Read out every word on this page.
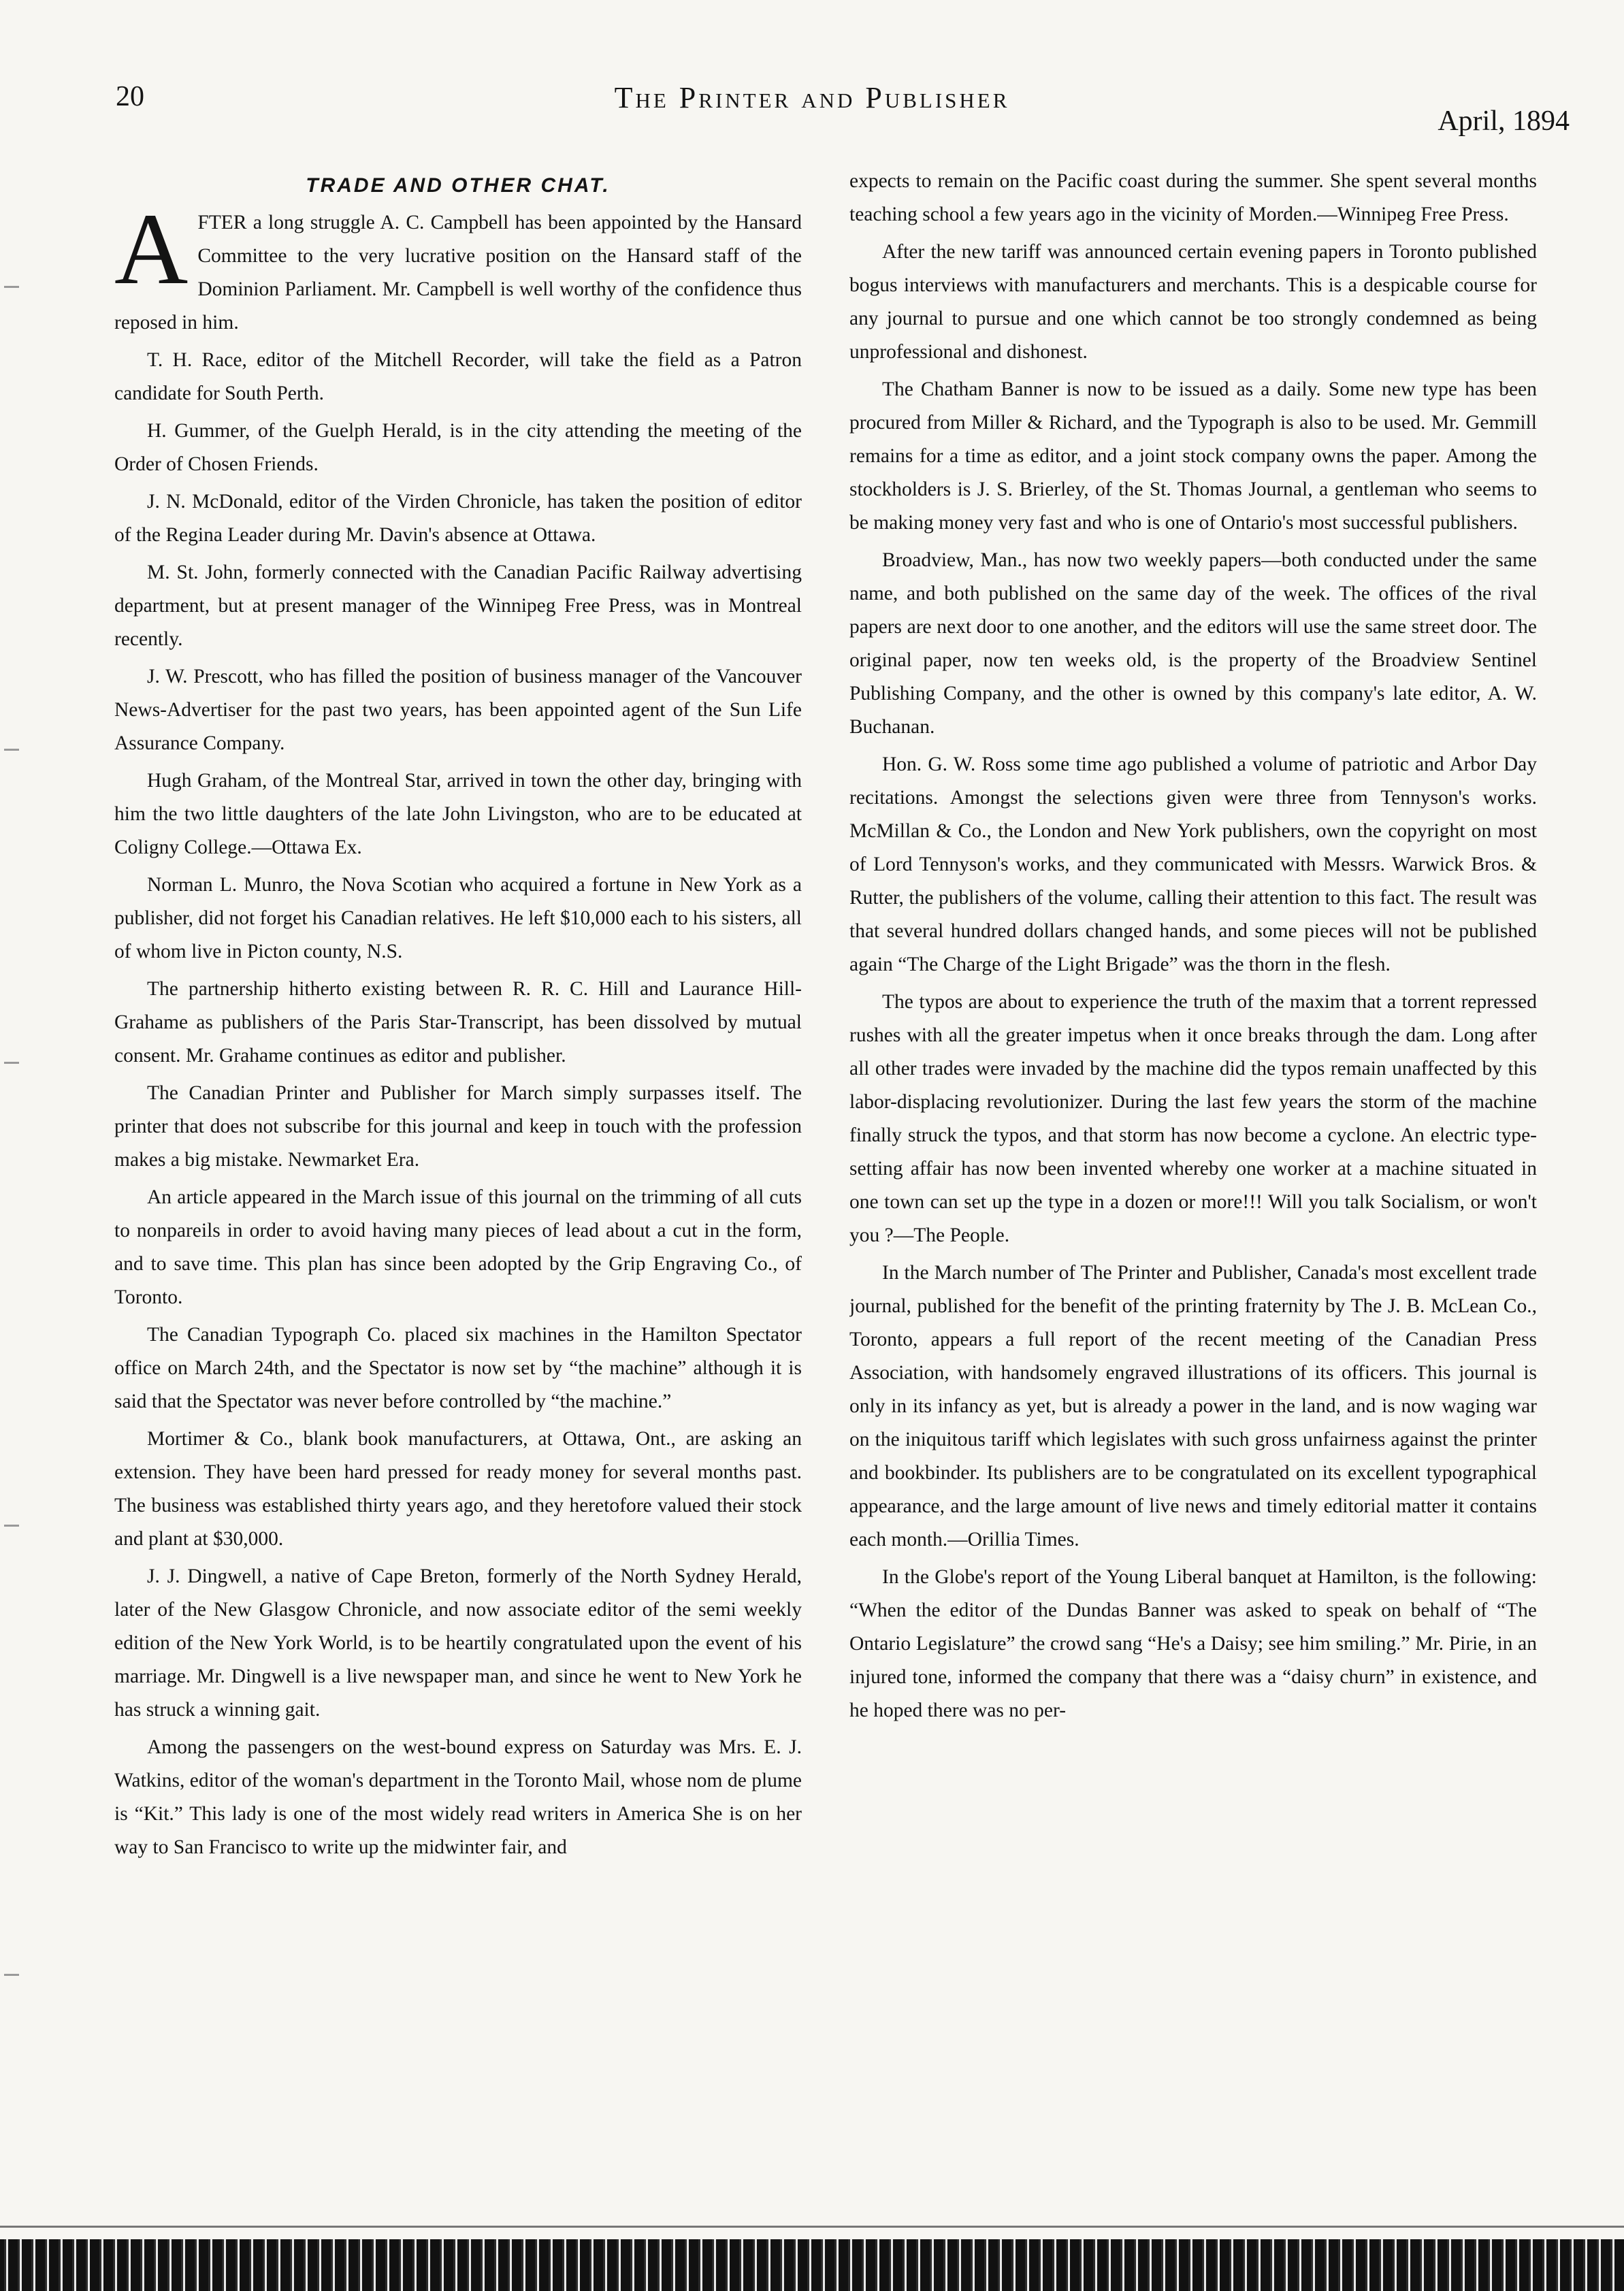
20	The Printer and Publisher
April, 1894
TRADE AND OTHER CHAT.

AFTER a long struggle A. C. Campbell has been appointed by the Hansard Committee to the very lucrative position on the Hansard staff of the Dominion Parliament. Mr. Campbell is well worthy of the confidence thus reposed in him.

T. H. Race, editor of the Mitchell Recorder, will take the field as a Patron candidate for South Perth.

H. Gummer, of the Guelph Herald, is in the city attending the meeting of the Order of Chosen Friends.

J. N. McDonald, editor of the Virden Chronicle, has taken the position of editor of the Regina Leader during Mr. Davin's absence at Ottawa.

M. St. John, formerly connected with the Canadian Pacific Railway advertising department, but at present manager of the Winnipeg Free Press, was in Montreal recently.

J. W. Prescott, who has filled the position of business manager of the Vancouver News-Advertiser for the past two years, has been appointed agent of the Sun Life Assurance Company.

Hugh Graham, of the Montreal Star, arrived in town the other day, bringing with him the two little daughters of the late John Livingston, who are to be educated at Coligny College.—Ottawa Ex.

Norman L. Munro, the Nova Scotian who acquired a fortune in New York as a publisher, did not forget his Canadian relatives. He left $10,000 each to his sisters, all of whom live in Picton county, N.S.

The partnership hitherto existing between R. R. C. Hill and Laurance Hill-Grahame as publishers of the Paris Star-Transcript, has been dissolved by mutual consent. Mr. Grahame continues as editor and publisher.

The Canadian Printer and Publisher for March simply surpasses itself. The printer that does not subscribe for this journal and keep in touch with the profession makes a big mistake. Newmarket Era.

An article appeared in the March issue of this journal on the trimming of all cuts to nonpareils in order to avoid having many pieces of lead about a cut in the form, and to save time. This plan has since been adopted by the Grip Engraving Co., of Toronto.

The Canadian Typograph Co. placed six machines in the Hamilton Spectator office on March 24th, and the Spectator is now set by “the machine” although it is said that the Spectator was never before controlled by “the machine.”

Mortimer & Co., blank book manufacturers, at Ottawa, Ont., are asking an extension. They have been hard pressed for ready money for several months past. The business was established thirty years ago, and they heretofore valued their stock and plant at $30,000.

J. J. Dingwell, a native of Cape Breton, formerly of the North Sydney Herald, later of the New Glasgow Chronicle, and now associate editor of the semi weekly edition of the New York World, is to be heartily congratulated upon the event of his marriage. Mr. Dingwell is a live newspaper man, and since he went to New York he has struck a winning gait.

Among the passengers on the west-bound express on Saturday was Mrs. E. J. Watkins, editor of the woman's department in the Toronto Mail, whose nom de plume is “Kit.” This lady is one of the most widely read writers in America She is on her way to San Francisco to write up the midwinter fair, and

expects to remain on the Pacific coast during the summer. She spent several months teaching school a few years ago in the vicinity of Morden.—Winnipeg Free Press.

After the new tariff was announced certain evening papers in Toronto published bogus interviews with manufacturers and merchants. This is a despicable course for any journal to pursue and one which cannot be too strongly condemned as being unprofessional and dishonest.

The Chatham Banner is now to be issued as a daily. Some new type has been procured from Miller & Richard, and the Typograph is also to be used. Mr. Gemmill remains for a time as editor, and a joint stock company owns the paper. Among the stockholders is J. S. Brierley, of the St. Thomas Journal, a gentleman who seems to be making money very fast and who is one of Ontario's most successful publishers.

Broadview, Man., has now two weekly papers—both conducted under the same name, and both published on the same day of the week. The offices of the rival papers are next door to one another, and the editors will use the same street door. The original paper, now ten weeks old, is the property of the Broadview Sentinel Publishing Company, and the other is owned by this company's late editor, A. W. Buchanan.

Hon. G. W. Ross some time ago published a volume of patriotic and Arbor Day recitations. Amongst the selections given were three from Tennyson's works. McMillan & Co., the London and New York publishers, own the copyright on most of Lord Tennyson's works, and they communicated with Messrs. Warwick Bros. & Rutter, the publishers of the volume, calling their attention to this fact. The result was that several hundred dollars changed hands, and some pieces will not be published again “The Charge of the Light Brigade” was the thorn in the flesh.

The typos are about to experience the truth of the maxim that a torrent repressed rushes with all the greater impetus when it once breaks through the dam. Long after all other trades were invaded by the machine did the typos remain unaffected by this labor-displacing revolutionizer. During the last few years the storm of the machine finally struck the typos, and that storm has now become a cyclone. An electric type-setting affair has now been invented whereby one worker at a machine situated in one town can set up the type in a dozen or more!!! Will you talk Socialism, or won't you ?—The People.

In the March number of The Printer and Publisher, Canada's most excellent trade journal, published for the benefit of the printing fraternity by The J. B. McLean Co., Toronto, appears a full report of the recent meeting of the Canadian Press Association, with handsomely engraved illustrations of its officers. This journal is only in its infancy as yet, but is already a power in the land, and is now waging war on the iniquitous tariff which legislates with such gross unfairness against the printer and bookbinder. Its publishers are to be congratulated on its excellent typographical appearance, and the large amount of live news and timely editorial matter it contains each month.—Orillia Times.

In the Globe's report of the Young Liberal banquet at Hamilton, is the following: “When the editor of the Dundas Banner was asked to speak on behalf of “The Ontario Legislature” the crowd sang “He's a Daisy; see him smiling.” Mr. Pirie, in an injured tone, informed the company that there was a “daisy churn” in existence, and he hoped there was no per-
